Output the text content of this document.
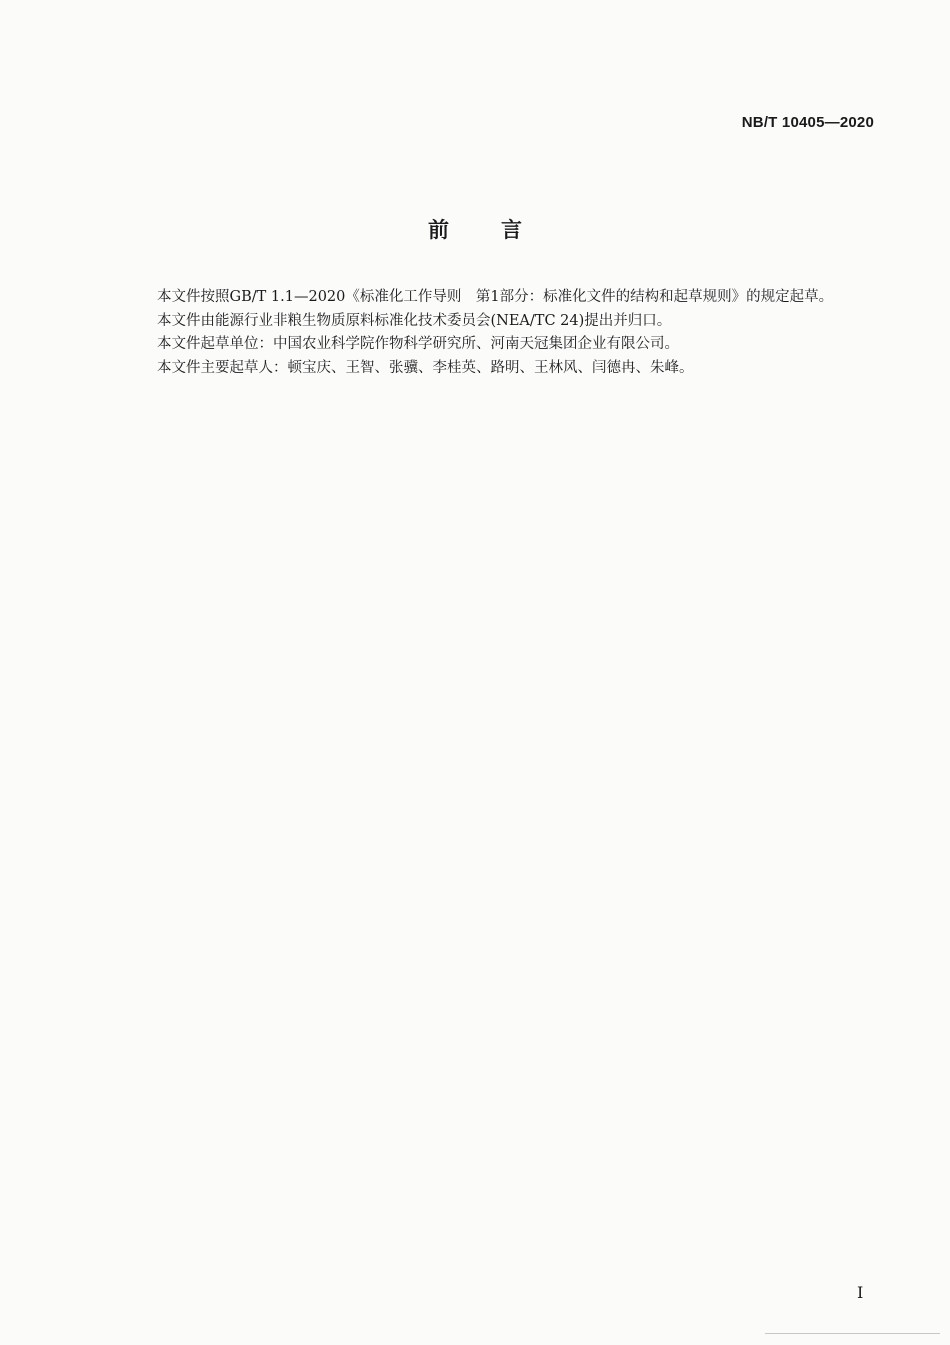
NB/T 10405—2020
前言

本文件按照GB/T 1.1—2020《标准化工作导则　第1部分：标准化文件的结构和起草规则》的规定起草。

本文件由能源行业非粮生物质原料标准化技术委员会(NEA/TC 24)提出并归口。

本文件起草单位：中国农业科学院作物科学研究所、河南天冠集团企业有限公司。

本文件主要起草人：顿宝庆、王智、张骥、李桂英、路明、王林风、闫德冉、朱峰。

I
